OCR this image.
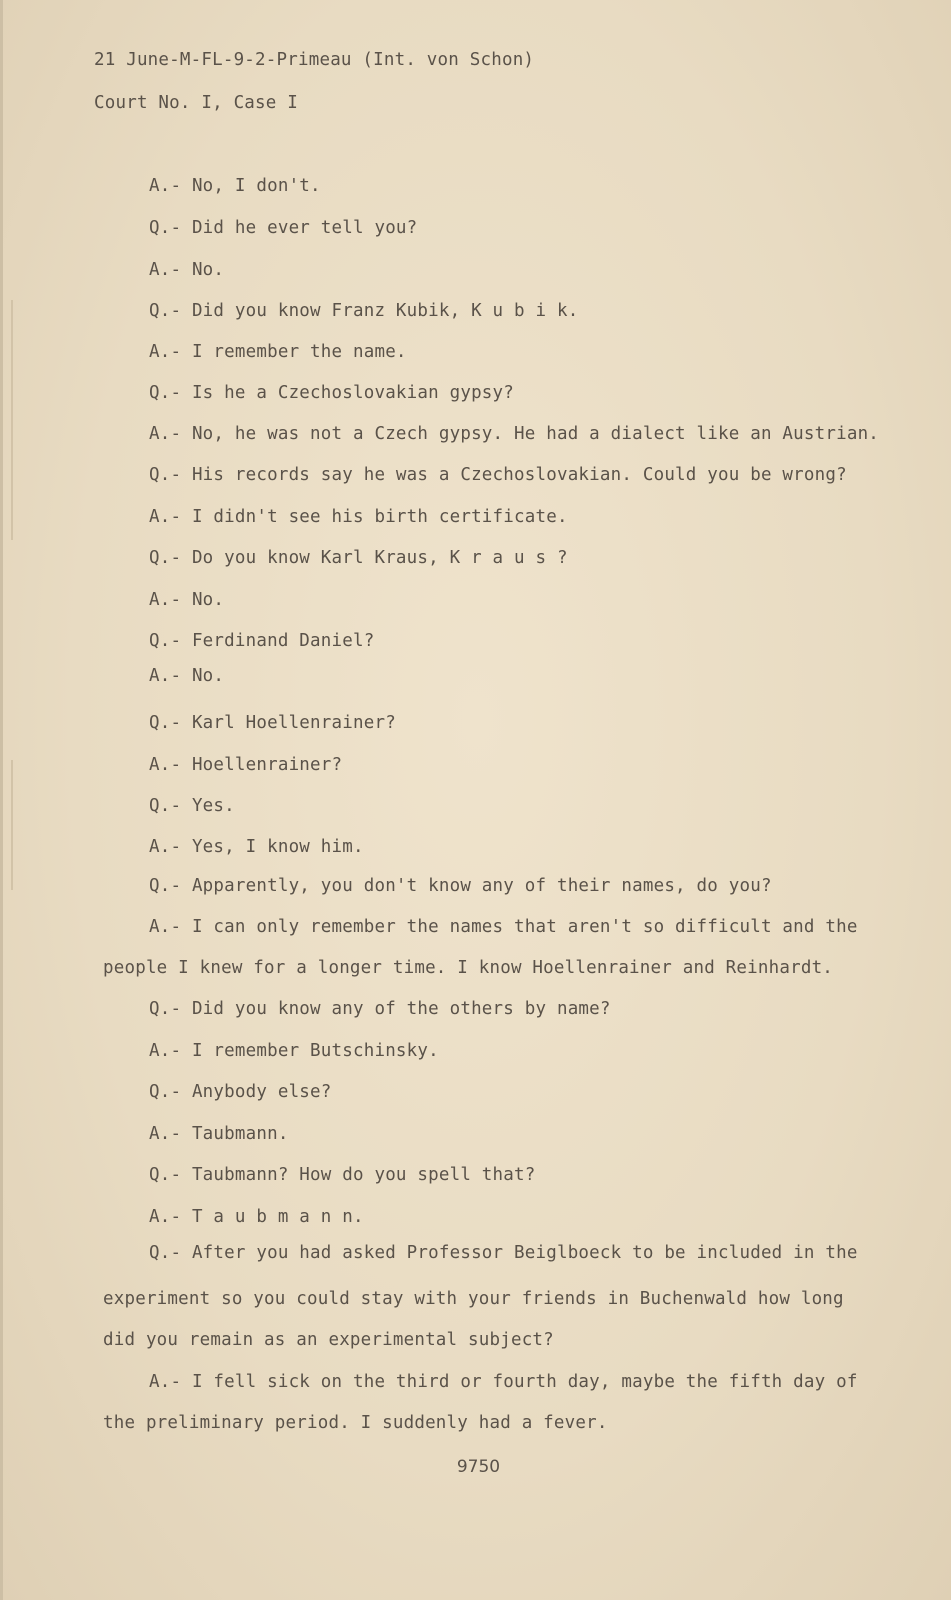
21 June-M-FL-9-2-Primeau (Int. von Schon)
Court No. I, Case I
A.- No, I don't.
Q.- Did he ever tell you?
A.- No.
Q.- Did you know Franz Kubik, K u b i k.
A.- I remember the name.
Q.- Is he a Czechoslovakian gypsy?
A.- No, he was not a Czech gypsy. He had a dialect like an Austrian.
Q.- His records say he was a Czechoslovakian. Could you be wrong?
A.- I didn't see his birth certificate.
Q.- Do you know Karl Kraus, K r a u s ?
A.- No.
Q.- Ferdinand Daniel?
A.- No.
Q.- Karl Hoellenrainer?
A.- Hoellenrainer?
Q.- Yes.
A.- Yes, I know him.
Q.- Apparently, you don't know any of their names, do you?
A.- I can only remember the names that aren't so difficult and the
people I knew for a longer time. I know Hoellenrainer and Reinhardt.
Q.- Did you know any of the others by name?
A.- I remember Butschinsky.
Q.- Anybody else?
A.- Taubmann.
Q.- Taubmann? How do you spell that?
A.- T a u b m a n n.
Q.- After you had asked Professor Beiglboeck to be included in the
experiment so you could stay with your friends in Buchenwald how long
did you remain as an experimental subject?
A.- I fell sick on the third or fourth day, maybe the fifth day of
the preliminary period. I suddenly had a fever.
9750
